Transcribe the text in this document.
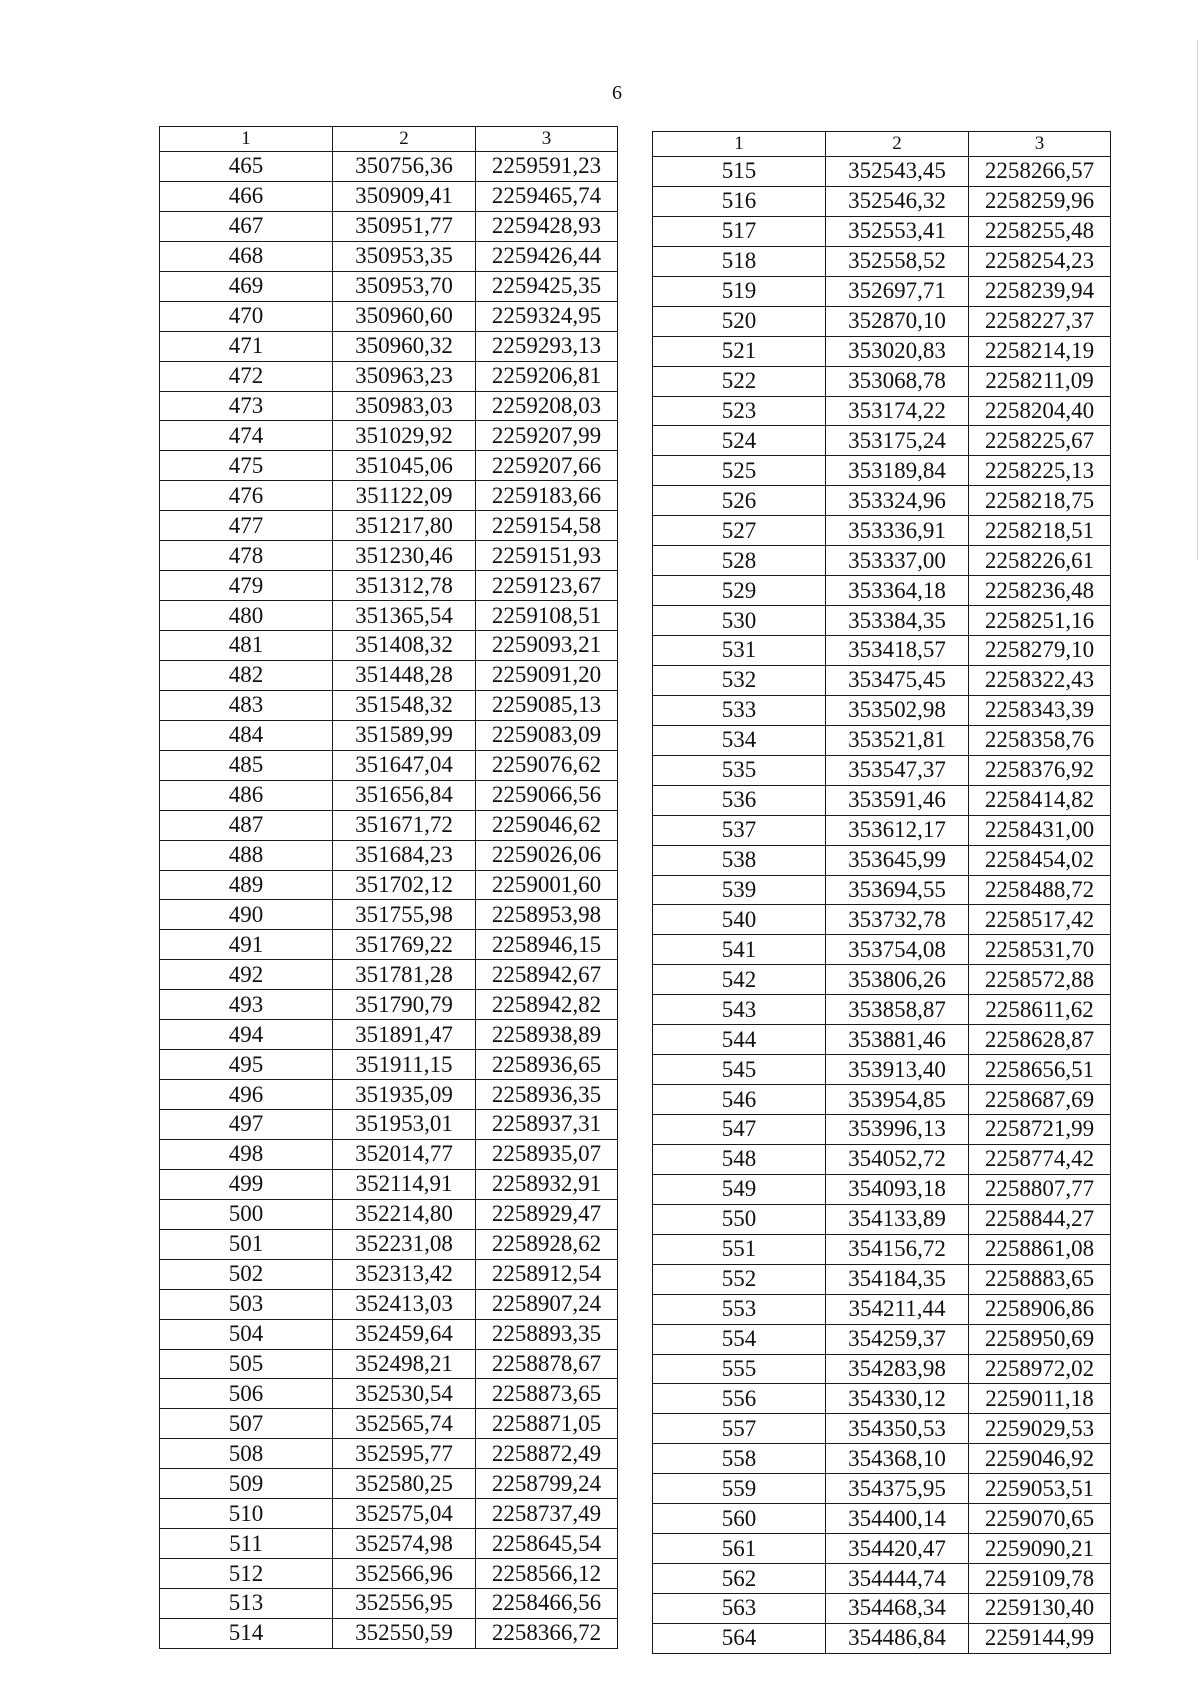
6
1	2	3
465	350756,36	2259591,23
466	350909,41	2259465,74
467	350951,77	2259428,93
468	350953,35	2259426,44
469	350953,70	2259425,35
470	350960,60	2259324,95
471	350960,32	2259293,13
472	350963,23	2259206,81
473	350983,03	2259208,03
474	351029,92	2259207,99
475	351045,06	2259207,66
476	351122,09	2259183,66
477	351217,80	2259154,58
478	351230,46	2259151,93
479	351312,78	2259123,67
480	351365,54	2259108,51
481	351408,32	2259093,21
482	351448,28	2259091,20
483	351548,32	2259085,13
484	351589,99	2259083,09
485	351647,04	2259076,62
486	351656,84	2259066,56
487	351671,72	2259046,62
488	351684,23	2259026,06
489	351702,12	2259001,60
490	351755,98	2258953,98
491	351769,22	2258946,15
492	351781,28	2258942,67
493	351790,79	2258942,82
494	351891,47	2258938,89
495	351911,15	2258936,65
496	351935,09	2258936,35
497	351953,01	2258937,31
498	352014,77	2258935,07
499	352114,91	2258932,91
500	352214,80	2258929,47
501	352231,08	2258928,62
502	352313,42	2258912,54
503	352413,03	2258907,24
504	352459,64	2258893,35
505	352498,21	2258878,67
506	352530,54	2258873,65
507	352565,74	2258871,05
508	352595,77	2258872,49
509	352580,25	2258799,24
510	352575,04	2258737,49
511	352574,98	2258645,54
512	352566,96	2258566,12
513	352556,95	2258466,56
514	352550,59	2258366,72
1	2	3
515	352543,45	2258266,57
516	352546,32	2258259,96
517	352553,41	2258255,48
518	352558,52	2258254,23
519	352697,71	2258239,94
520	352870,10	2258227,37
521	353020,83	2258214,19
522	353068,78	2258211,09
523	353174,22	2258204,40
524	353175,24	2258225,67
525	353189,84	2258225,13
526	353324,96	2258218,75
527	353336,91	2258218,51
528	353337,00	2258226,61
529	353364,18	2258236,48
530	353384,35	2258251,16
531	353418,57	2258279,10
532	353475,45	2258322,43
533	353502,98	2258343,39
534	353521,81	2258358,76
535	353547,37	2258376,92
536	353591,46	2258414,82
537	353612,17	2258431,00
538	353645,99	2258454,02
539	353694,55	2258488,72
540	353732,78	2258517,42
541	353754,08	2258531,70
542	353806,26	2258572,88
543	353858,87	2258611,62
544	353881,46	2258628,87
545	353913,40	2258656,51
546	353954,85	2258687,69
547	353996,13	2258721,99
548	354052,72	2258774,42
549	354093,18	2258807,77
550	354133,89	2258844,27
551	354156,72	2258861,08
552	354184,35	2258883,65
553	354211,44	2258906,86
554	354259,37	2258950,69
555	354283,98	2258972,02
556	354330,12	2259011,18
557	354350,53	2259029,53
558	354368,10	2259046,92
559	354375,95	2259053,51
560	354400,14	2259070,65
561	354420,47	2259090,21
562	354444,74	2259109,78
563	354468,34	2259130,40
564	354486,84	2259144,99
